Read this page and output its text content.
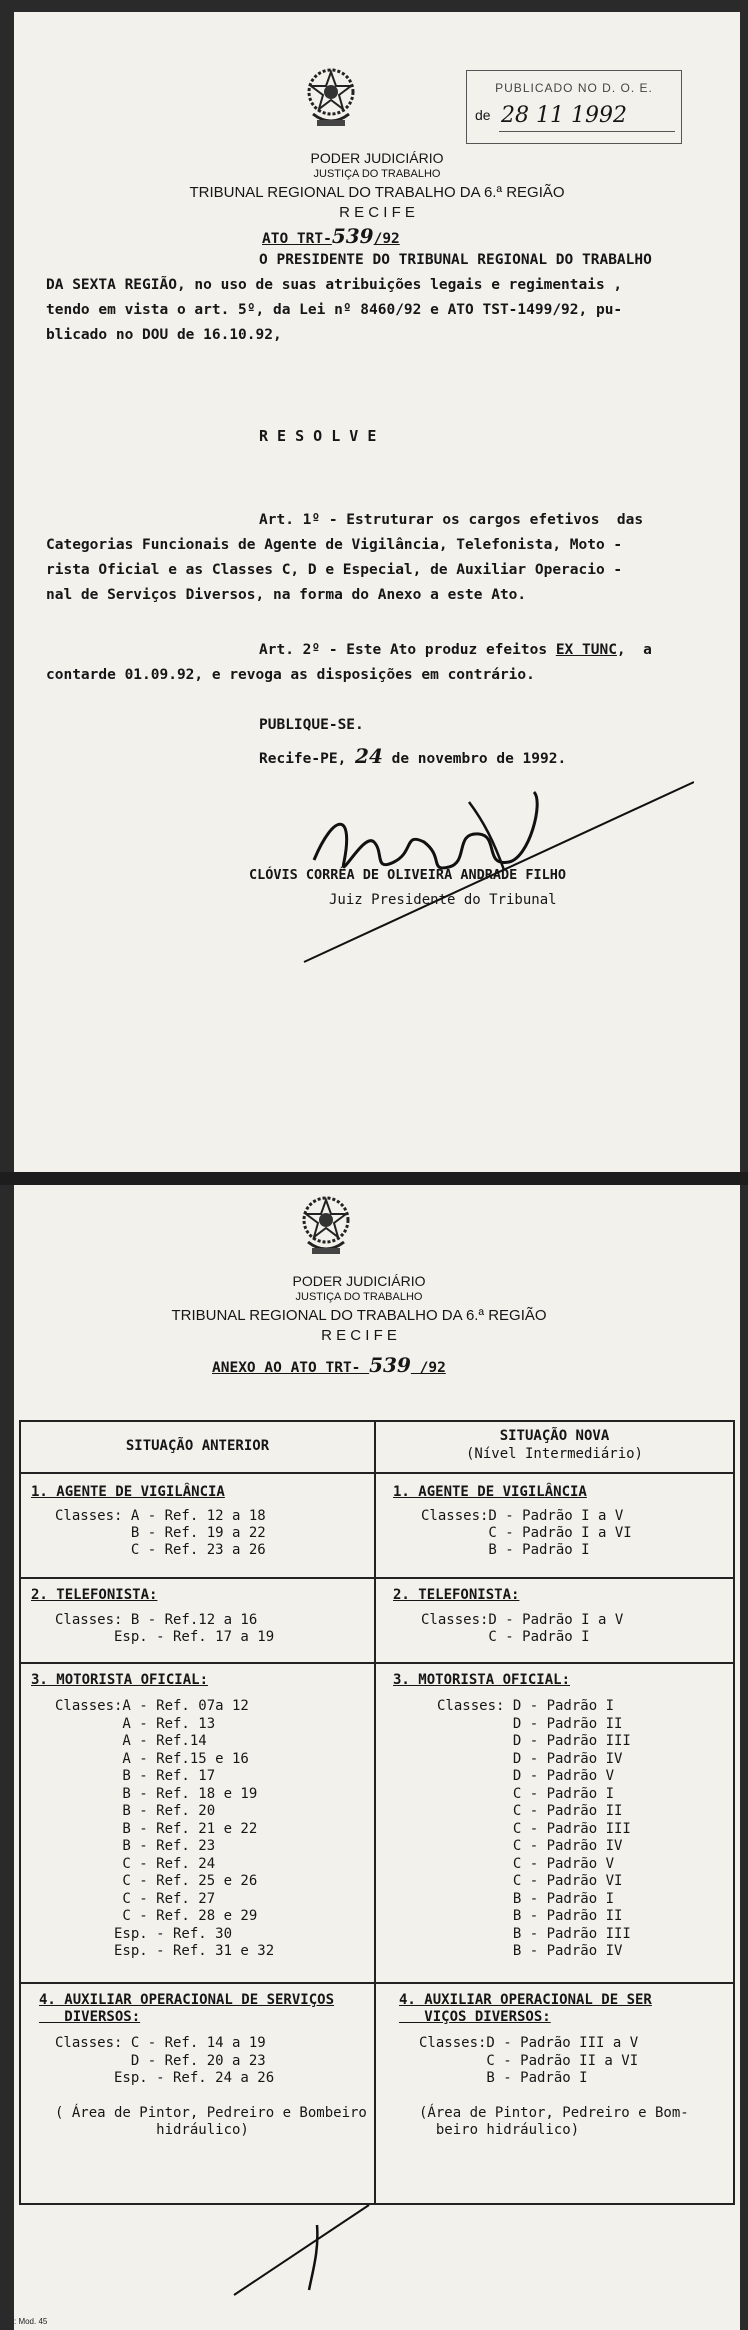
PUBLICADO NO D. O. E.
de 28 11 1992
PODER JUDICIÁRIO
JUSTIÇA DO TRABALHO
TRIBUNAL REGIONAL DO TRABALHO DA 6.ª REGIÃO
R E C I F E
ATO TRT-539/92
O PRESIDENTE DO TRIBUNAL REGIONAL DO TRABALHO
DA SEXTA REGIÃO, no uso de suas atribuições legais e regimentais ,
tendo em vista o art. 5º, da Lei nº 8460/92 e ATO TST-1499/92, pu-
blicado no DOU de 16.10.92,
R E S O L V E
Art. 1º - Estruturar os cargos efetivos  das
Categorias Funcionais de Agente de Vigilância, Telefonista, Moto -
rista Oficial e as Classes C, D e Especial, de Auxiliar Operacio -
nal de Serviços Diversos, na forma do Anexo a este Ato.
Art. 2º - Este Ato produz efeitos EX TUNC,  a
contarde 01.09.92, e revoga as disposições em contrário.
PUBLIQUE-SE.
Recife-PE, 24 de novembro de 1992.
CLÓVIS CORRÊA DE OLIVEIRA ANDRADE FILHO
Juiz Presidente do Tribunal
PODER JUDICIÁRIO
JUSTIÇA DO TRABALHO
TRIBUNAL REGIONAL DO TRABALHO DA 6.ª REGIÃO
R E C I F E
ANEXO AO ATO TRT- 539 /92
SITUAÇÃO ANTERIOR
SITUAÇÃO NOVA
(Nível Intermediário)
1. AGENTE DE VIGILÂNCIA
Classes: A - Ref. 12 a 18
B - Ref. 19 a 22
C - Ref. 23 a 26
1. AGENTE DE VIGILÂNCIA
Classes:D - Padrão I a V
C - Padrão I a VI
B - Padrão I
2. TELEFONISTA:
Classes: B - Ref.12 a 16
Esp. - Ref. 17 a 19
2. TELEFONISTA:
Classes:D - Padrão I a V
C - Padrão I
3. MOTORISTA OFICIAL:
Classes:A - Ref. 07a 12
A - Ref. 13
A - Ref.14
A - Ref.15 e 16
B - Ref. 17
B - Ref. 18 e 19
B - Ref. 20
B - Ref. 21 e 22
B - Ref. 23
C - Ref. 24
C - Ref. 25 e 26
C - Ref. 27
C - Ref. 28 e 29
Esp. - Ref. 30
Esp. - Ref. 31 e 32
3. MOTORISTA OFICIAL:
Classes: D - Padrão I
D - Padrão II
D - Padrão III
D - Padrão IV
D - Padrão V
C - Padrão I
C - Padrão II
C - Padrão III
C - Padrão IV
C - Padrão V
C - Padrão VI
B - Padrão I
B - Padrão II
B - Padrão III
B - Padrão IV
4. AUXILIAR OPERACIONAL DE SERVIÇOS
DIVERSOS:
Classes: C - Ref. 14 a 19
D - Ref. 20 a 23
Esp. - Ref. 24 a 26
( Área de Pintor, Pedreiro e Bombeiro
hidráulico)
4. AUXILIAR OPERACIONAL DE SER
VIÇOS DIVERSOS:
Classes:D - Padrão III a V
C - Padrão II a VI
B - Padrão I
(Área de Pintor, Pedreiro e Bom-
beiro hidráulico)
: Mod. 45
